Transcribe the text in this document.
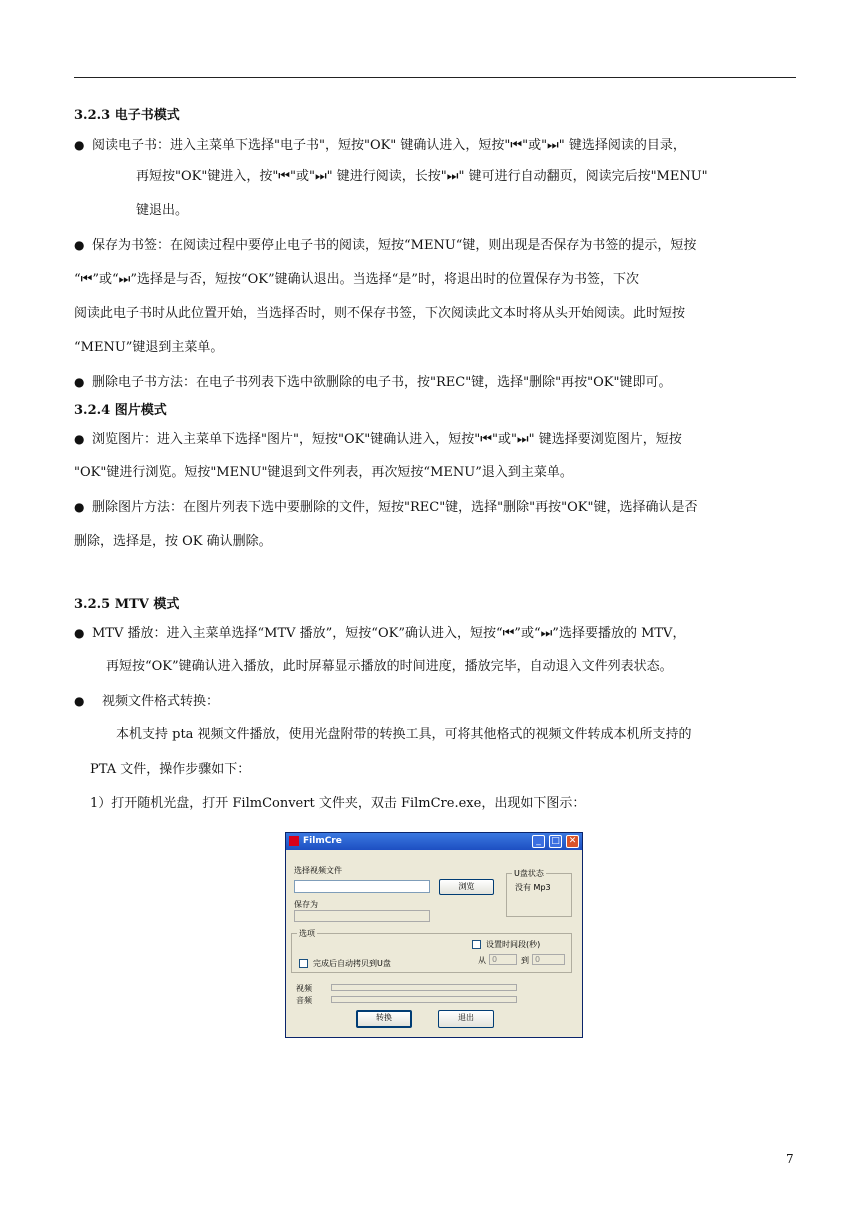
3.2.3 电子书模式
● 阅读电子书：进入主菜单下选择"电子书"，短按"OK" 键确认进入，短按"⏮"或"⏭" 键选择阅读的目录，
再短按"OK"键进入，按"⏮"或"⏭" 键进行阅读，长按"⏭" 键可进行自动翻页，阅读完后按"MENU"
键退出。
● 保存为书签：在阅读过程中要停止电子书的阅读，短按“MENU“键，则出现是否保存为书签的提示，短按
“⏮”或“⏭”选择是与否，短按“OK”键确认退出。当选择“是”时，将退出时的位置保存为书签，下次
阅读此电子书时从此位置开始，当选择否时，则不保存书签，下次阅读此文本时将从头开始阅读。此时短按
“MENU”键退到主菜单。
● 删除电子书方法：在电子书列表下选中欲删除的电子书，按"REC"键，选择"删除"再按"OK"键即可。
3.2.4 图片模式
● 浏览图片：进入主菜单下选择"图片"，短按"OK"键确认进入，短按"⏮"或"⏭" 键选择要浏览图片，短按
"OK"键进行浏览。短按"MENU"键退到文件列表，再次短按“MENU”退入到主菜单。
● 删除图片方法：在图片列表下选中要删除的文件，短按"REC"键，选择"删除"再按"OK"键，选择确认是否
删除，选择是，按 OK 确认删除。
3.2.5 MTV 模式
● MTV 播放：进入主菜单选择“MTV 播放”，短按“OK”确认进入，短按“⏮”或“⏭”选择要播放的 MTV，
再短按“OK”键确认进入播放，此时屏幕显示播放的时间进度，播放完毕，自动退入文件列表状态。
● 视频文件格式转换：
本机支持 pta 视频文件播放，使用光盘附带的转换工具，可将其他格式的视频文件转成本机所支持的
PTA 文件，操作步骤如下：
1）打开随机光盘，打开 FilmConvert 文件夹，双击 FilmCre.exe，出现如下图示：
FilmCre	_	□ ✕
选择视频文件
浏览
保存为
U盘状态
没有 Mp3
选项
设置时间段(秒)
从 0	到 0
完成后自动拷贝到U盘
视频
音频
转换	退出
7
